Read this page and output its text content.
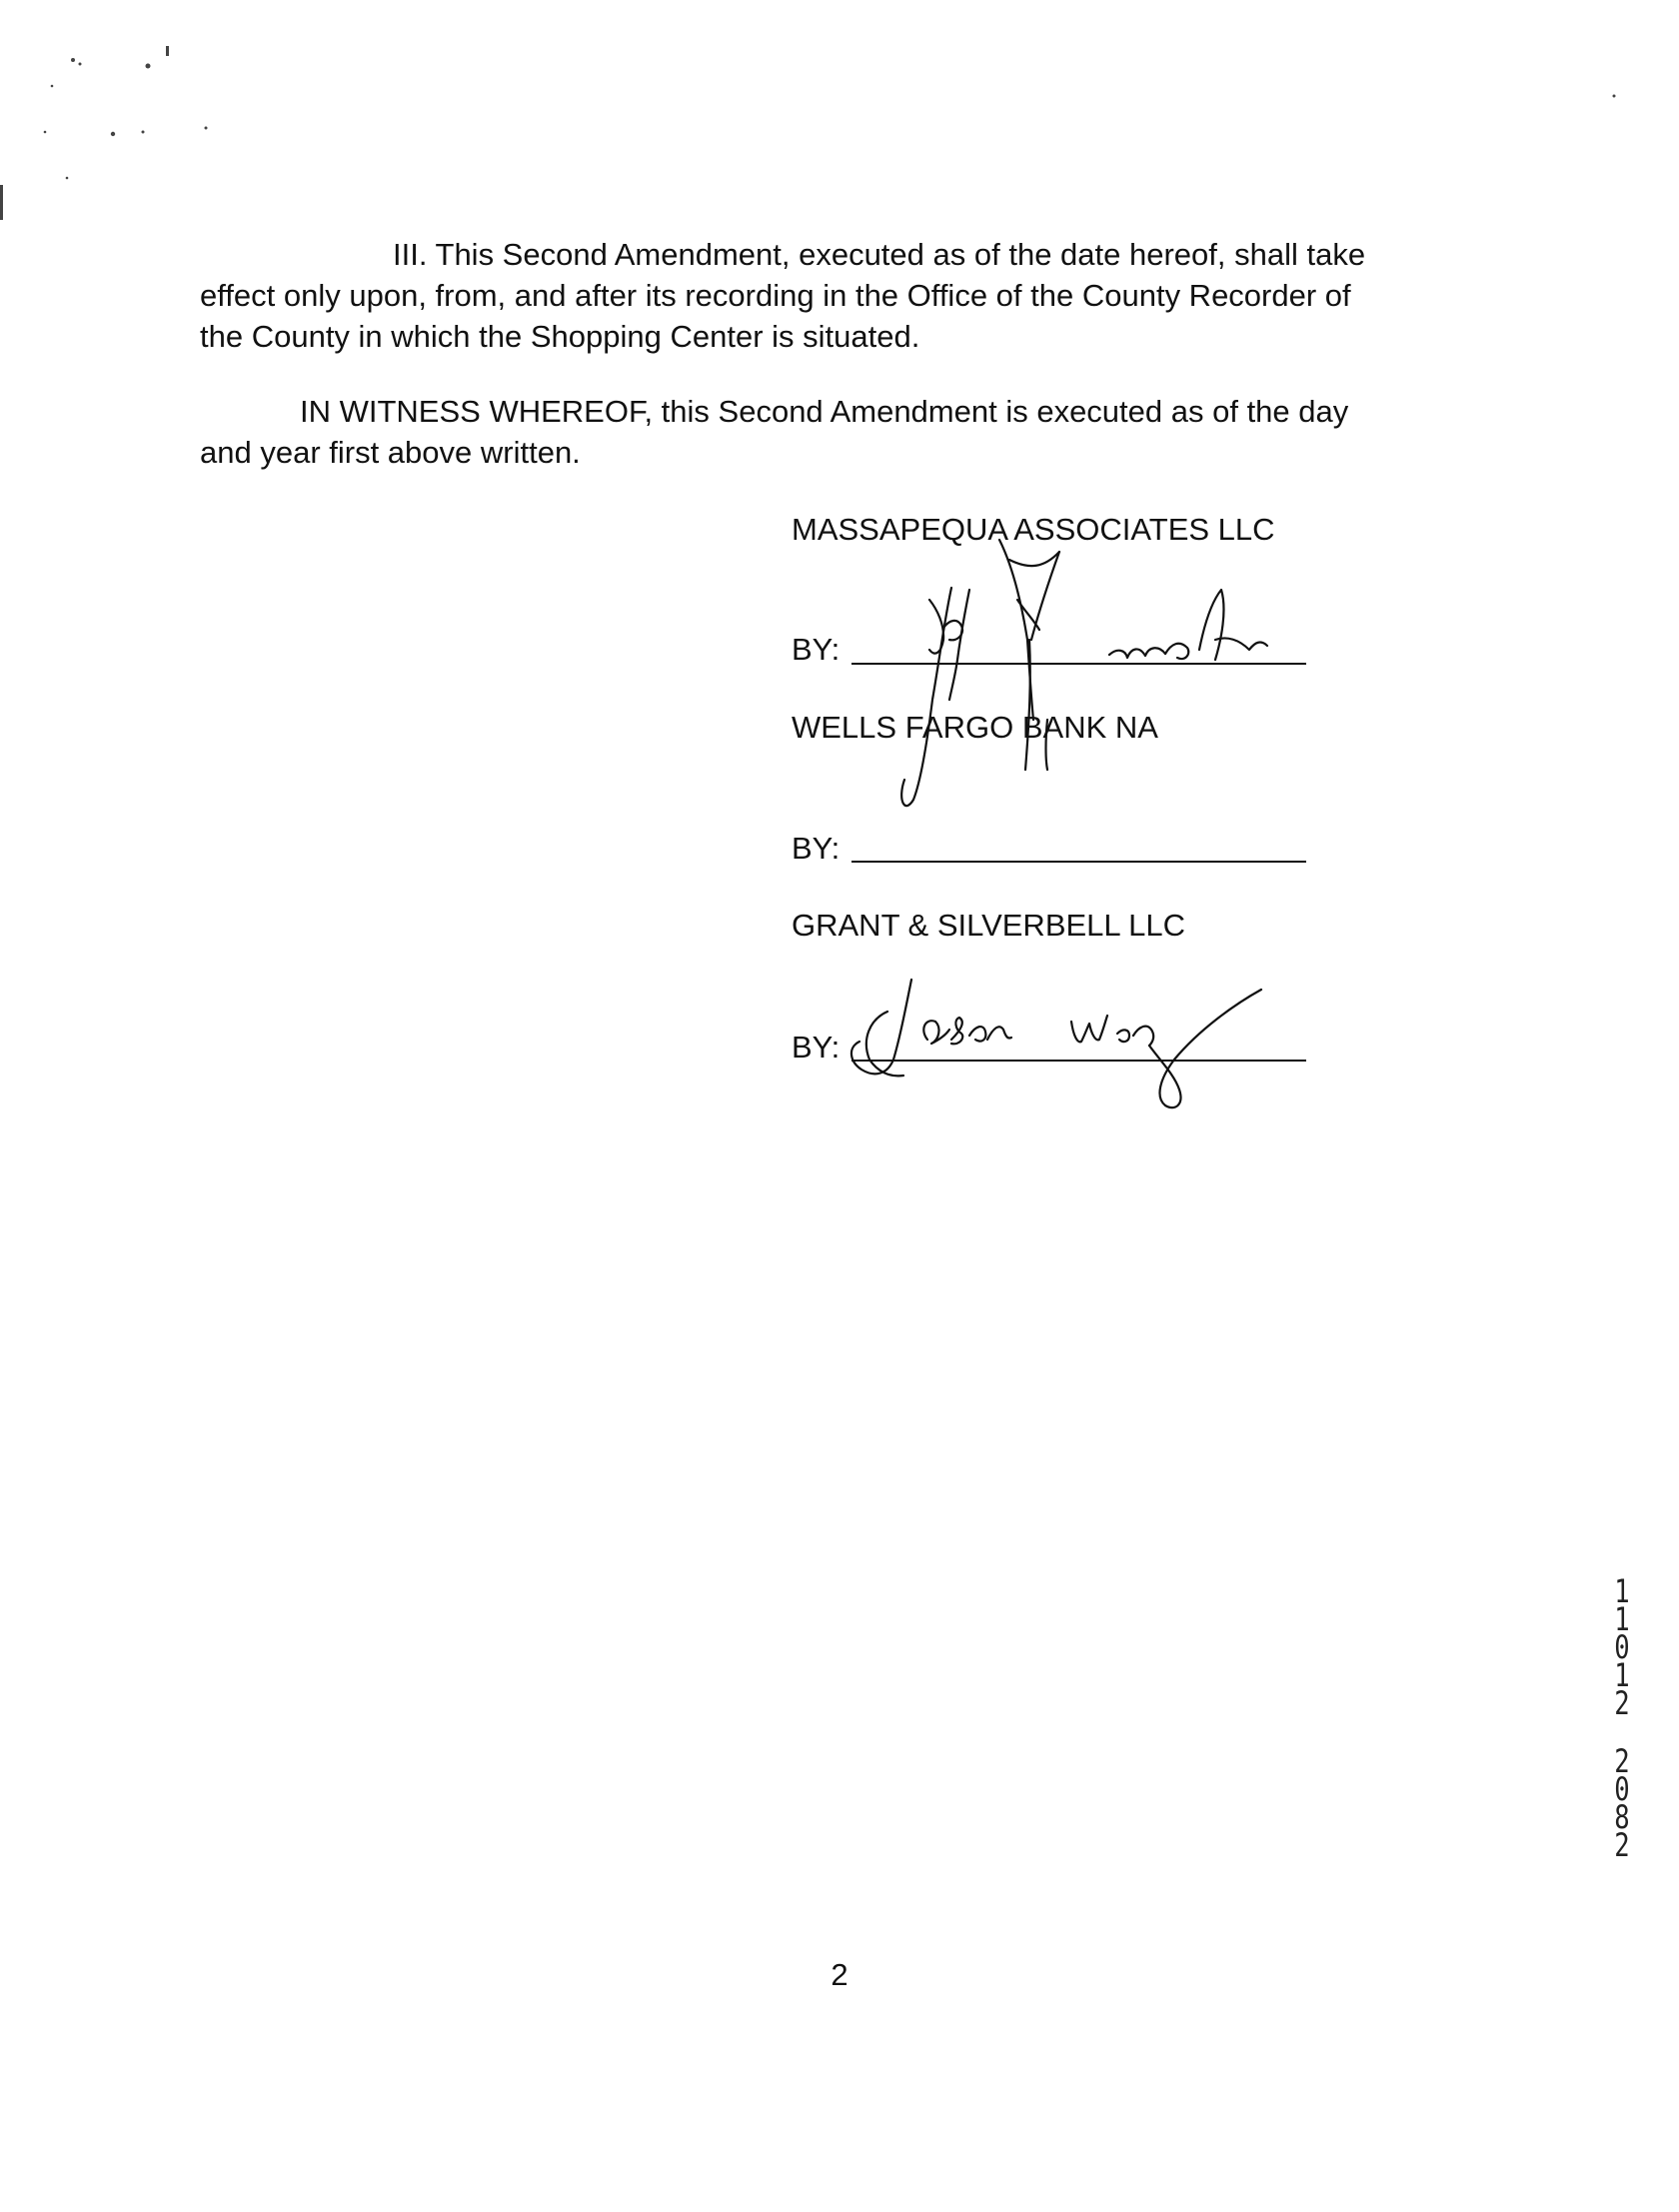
III. This Second Amendment, executed as of the date hereof, shall take
effect only upon, from, and after its recording in the Office of the County Recorder of
the County in which the Shopping Center is situated.
IN WITNESS WHEREOF, this Second Amendment is executed as of the day
and year first above written.
MASSAPEQUA ASSOCIATES LLC
BY:
WELLS FARGO BANK NA
BY:
GRANT & SILVERBELL LLC
BY:
2
1
1
0
1
2
2
0
8
2
